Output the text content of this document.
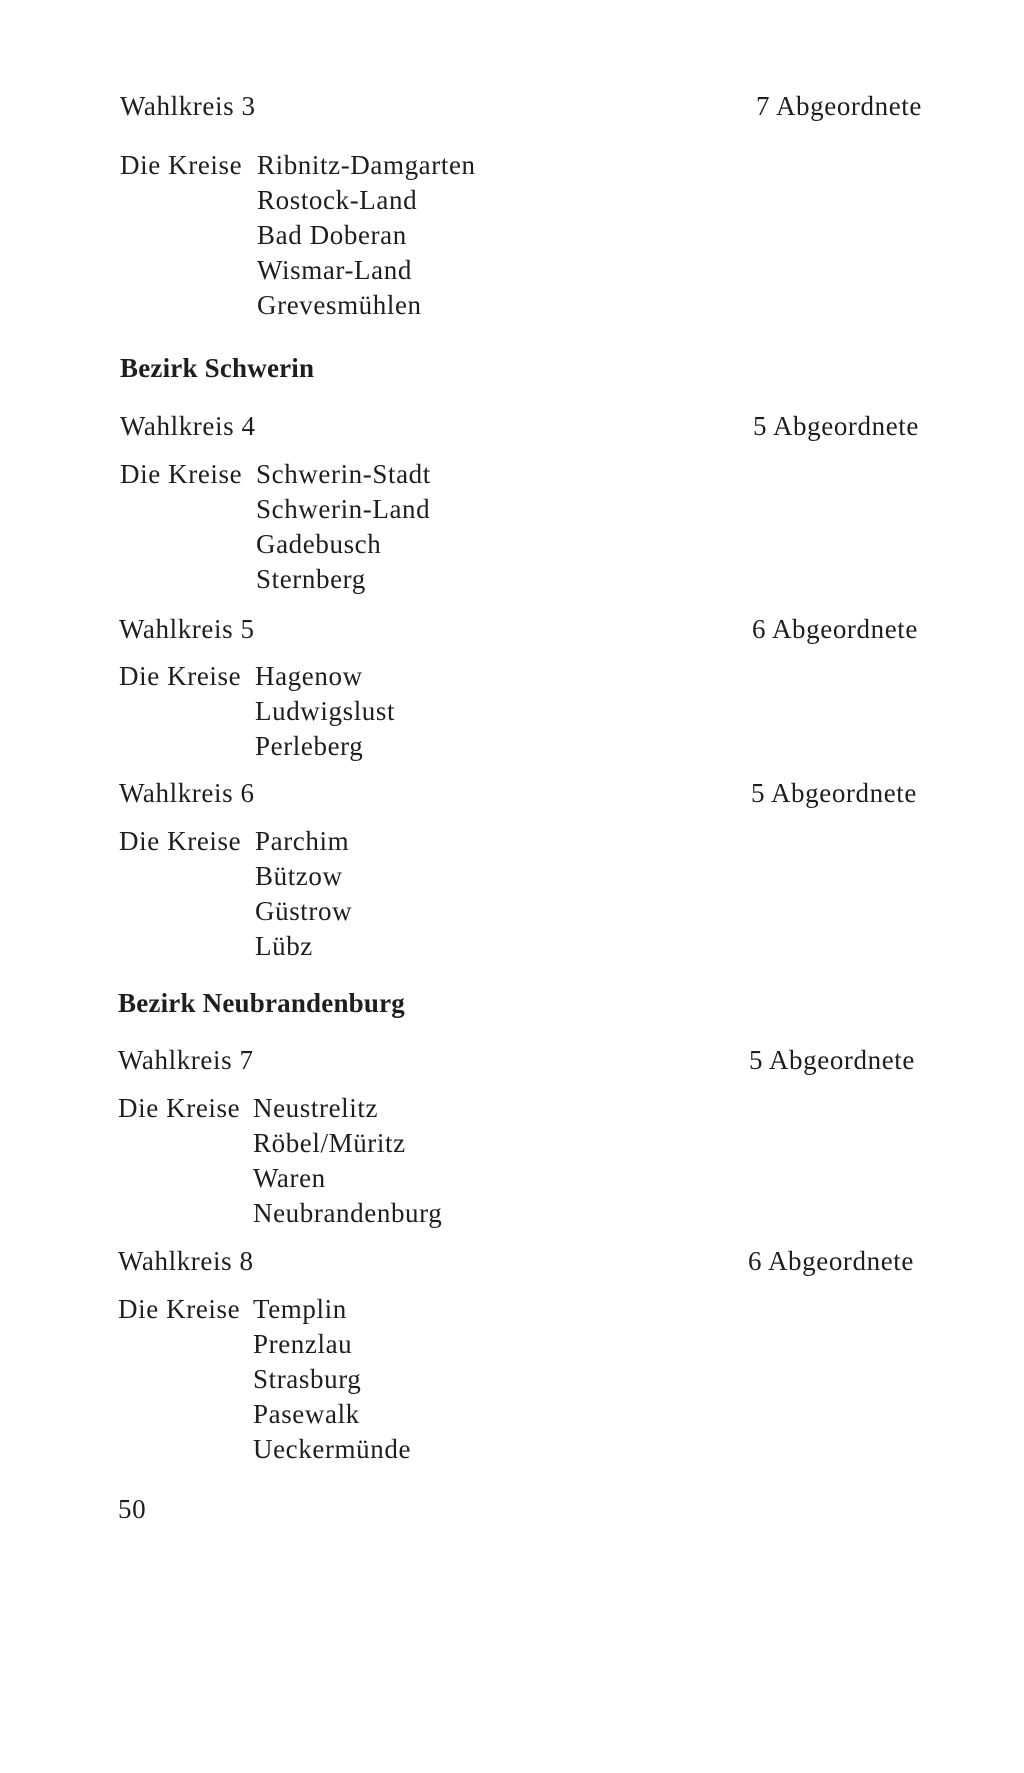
Wahlkreis 3	7 Abgeordnete
Die Kreise Ribnitz-Damgarten
Rostock-Land
Bad Doberan
Wismar-Land
Grevesmühlen
Bezirk Schwerin
Wahlkreis 4	5 Abgeordnete
Die Kreise Schwerin-Stadt
Schwerin-Land
Gadebusch
Sternberg
Wahlkreis 5	6 Abgeordnete
Die Kreise Hagenow
Ludwigslust
Perleberg
Wahlkreis 6	5 Abgeordnete
Die Kreise Parchim
Bützow
Güstrow
Lübz
Bezirk Neubrandenburg
Wahlkreis 7	5 Abgeordnete
Die Kreise Neustrelitz
Röbel/Müritz
Waren
Neubrandenburg
Wahlkreis 8	6 Abgeordnete
Die Kreise Templin
Prenzlau
Strasburg
Pasewalk
Ueckermünde
50
